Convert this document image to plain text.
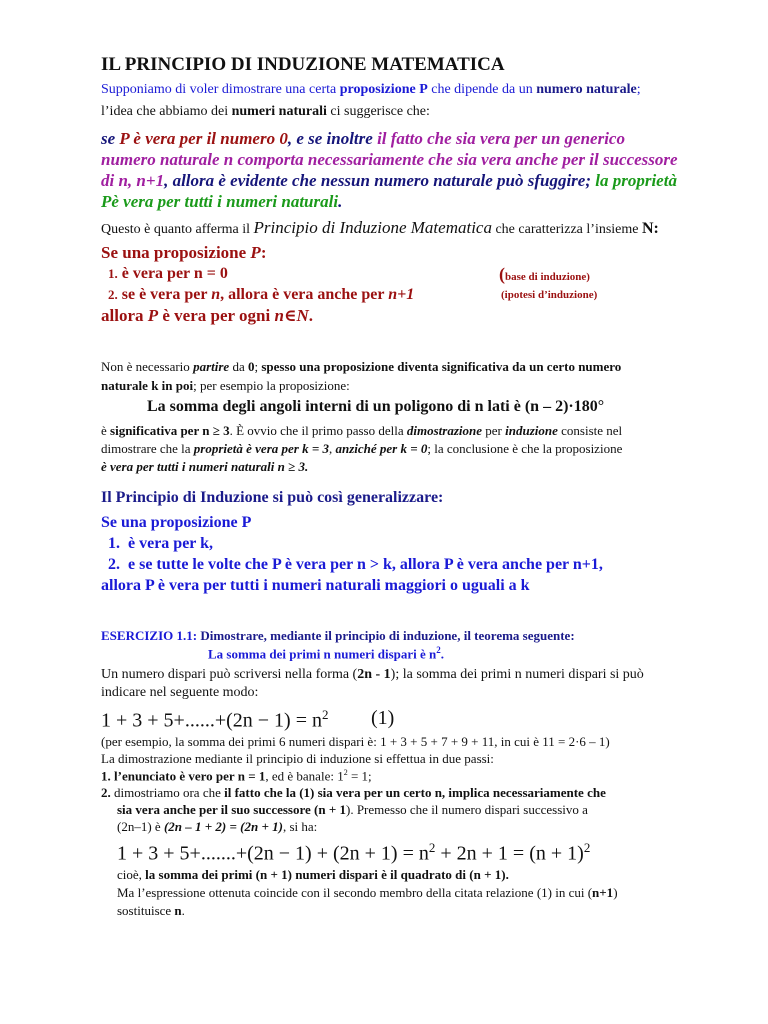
IL PRINCIPIO DI INDUZIONE MATEMATICA
Supponiamo di voler dimostrare una certa proposizione P che dipende da un numero naturale;
l’idea che abbiamo dei numeri naturali ci suggerisce che:
se P è vera per il numero 0, e se inoltre il fatto che sia vera per un generico
numero naturale n comporta necessariamente che sia vera anche per il successore
di n, n+1, allora è evidente che nessun numero naturale può sfuggire; la proprietà
Pè vera per tutti i numeri naturali.
Questo è quanto afferma il Principio di Induzione Matematica che caratterizza l’insieme N:
Se una proposizione P:
1. è vera per n = 0	(base di induzione)
2. se è vera per n, allora è vera anche per n+1	(ipotesi d’induzione)
allora P è vera per ogni n∈N.
Non è necessario partire da 0; spesso una proposizione diventa significativa da un certo numero
naturale k in poi; per esempio la proposizione:
La somma degli angoli interni di un poligono di n lati è (n – 2)·180°
è significativa per n ≥ 3. È ovvio che il primo passo della dimostrazione per induzione consiste nel
dimostrare che la proprietà è vera per k = 3, anziché per k = 0; la conclusione è che la proposizione
è vera per tutti i numeri naturali n ≥ 3.
Il Principio di Induzione si può così generalizzare:
Se una proposizione P
1. è vera per k,
2. e se tutte le volte che P è vera per n > k, allora P è vera anche per n+1,
allora P è vera per tutti i numeri naturali maggiori o uguali a k
ESERCIZIO 1.1: Dimostrare, mediante il principio di induzione, il teorema seguente:
La somma dei primi n numeri dispari è $n^2$.
Un numero dispari può scriversi nella forma (2n - 1); la somma dei primi n numeri dispari si può
indicare nel seguente modo:
$1 + 3 + 5+......+(2n - 1) = n^2$ (1)
(per esempio, la somma dei primi 6 numeri dispari è: 1 + 3 + 5 + 7 + 9 + 11, in cui è 11 = 2·6 – 1)
La dimostrazione mediante il principio di induzione si effettua in due passi:
1. l’enunciato è vero per n = 1, ed è banale: $1^2 = 1$;
2. dimostriamo ora che il fatto che la (1) sia vera per un certo n, implica necessariamente che
sia vera anche per il suo successore (n + 1). Premesso che il numero dispari successivo a
(2n–1) è (2n – 1 + 2) = (2n + 1), si ha:
$1 + 3 + 5+.......+(2n - 1) + (2n + 1) = n^2 + 2n + 1 = (n + 1)^2$
cioè, la somma dei primi (n + 1) numeri dispari è il quadrato di (n + 1).
Ma l’espressione ottenuta coincide con il secondo membro della citata relazione (1) in cui (n+1)
sostituisce n.
